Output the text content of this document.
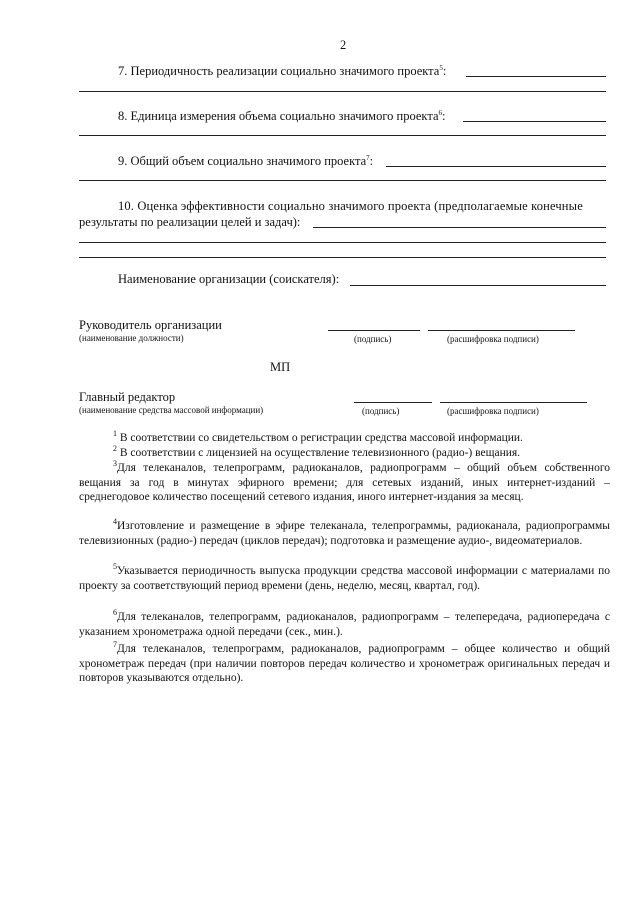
2
7. Периодичность реализации социально значимого проекта$^5$:
8. Единица измерения объема социально значимого проекта$^6$:
9. Общий объем социально значимого проекта$^7$:
10. Оценка эффективности социально значимого проекта (предполагаемые конечные
результаты по реализации целей и задач):
Наименование организации (соискателя):
Руководитель организации
(наименование должности)	(подпись)	(расшифровка подписи)
МП
Главный редактор
(наименование средства массовой информации)	(подпись)	(расшифровка подписи)
$^1$ В соответствии со свидетельством о регистрации средства массовой информации.
$^2$ В соответствии с лицензией на осуществление телевизионного (радио-) вещания.
$^3$Для телеканалов, телепрограмм, радиоканалов, радиопрограмм – общий объем собственного вещания за год в минутах эфирного времени; для сетевых изданий, иных интернет-изданий – среднегодовое количество посещений сетевого издания, иного интернет-издания за месяц.
$^4$Изготовление и размещение в эфире телеканала, телепрограммы, радиоканала, радиопрограммы телевизионных (радио-) передач (циклов передач); подготовка и размещение аудио-, видеоматериалов.
$^5$Указывается периодичность выпуска продукции средства массовой информации с материалами по проекту за соответствующий период времени (день, неделю, месяц, квартал, год).
$^6$Для телеканалов, телепрограмм, радиоканалов, радиопрограмм – телепередача, радиопередача с указанием хронометража одной передачи (сек., мин.).
$^7$Для телеканалов, телепрограмм, радиоканалов, радиопрограмм – общее количество и общий хронометраж передач (при наличии повторов передач количество и хронометраж оригинальных передач и повторов указываются отдельно).
